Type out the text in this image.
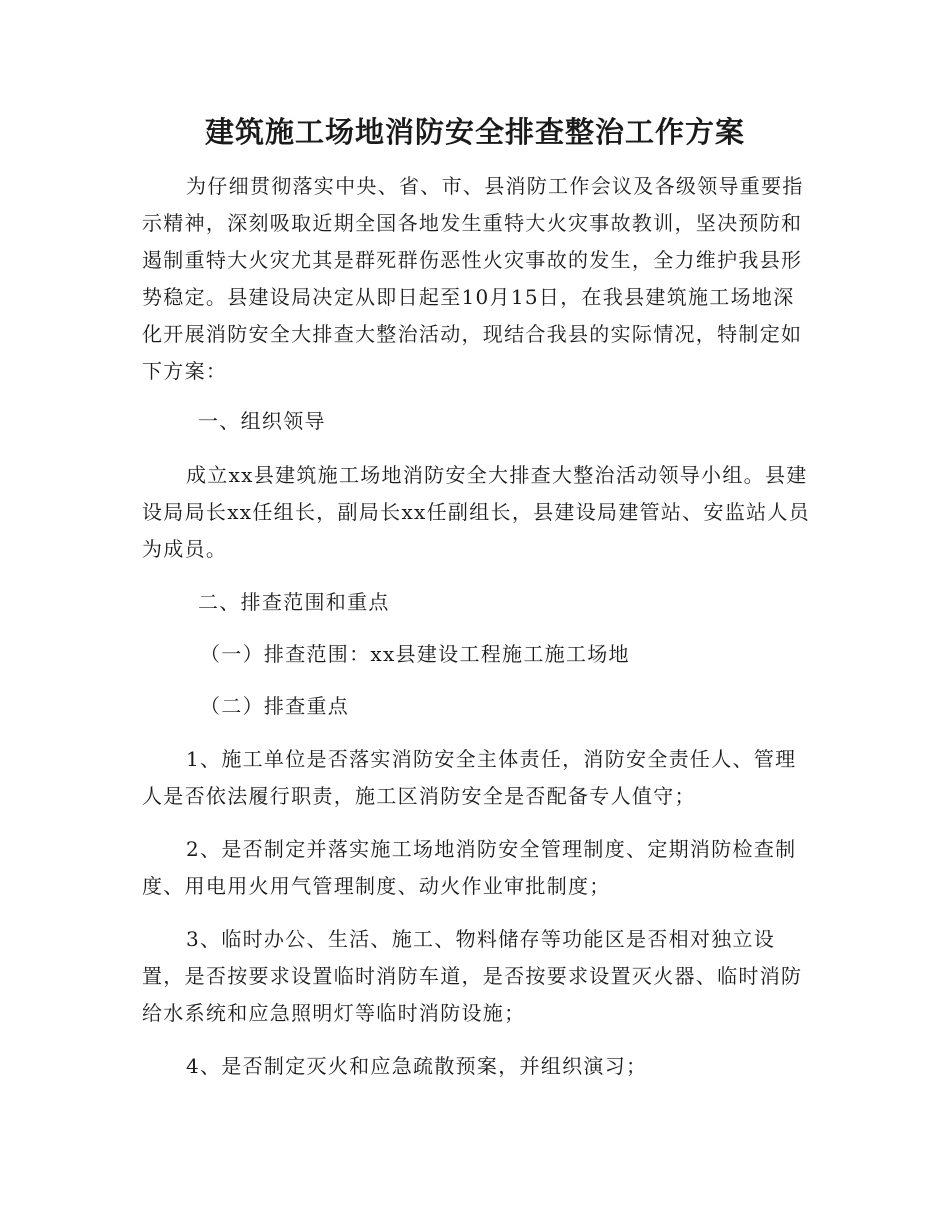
建筑施工场地消防安全排查整治工作方案

为仔细贯彻落实中央、省、市、县消防工作会议及各级领导重要指示精神，深刻吸取近期全国各地发生重特大火灾事故教训，坚决预防和遏制重特大火灾尤其是群死群伤恶性火灾事故的发生，全力维护我县形势稳定。县建设局决定从即日起至10月15日，在我县建筑施工场地深化开展消防安全大排查大整治活动，现结合我县的实际情况，特制定如下方案：

一、组织领导

成立xx县建筑施工场地消防安全大排查大整治活动领导小组。县建设局局长xx任组长，副局长xx任副组长，县建设局建管站、安监站人员为成员。

二、排查范围和重点

（一）排查范围：xx县建设工程施工施工场地

（二）排查重点

1、施工单位是否落实消防安全主体责任，消防安全责任人、管理人是否依法履行职责，施工区消防安全是否配备专人值守；

2、是否制定并落实施工场地消防安全管理制度、定期消防检查制度、用电用火用气管理制度、动火作业审批制度；

3、临时办公、生活、施工、物料储存等功能区是否相对独立设置，是否按要求设置临时消防车道，是否按要求设置灭火器、临时消防给水系统和应急照明灯等临时消防设施；

4、是否制定灭火和应急疏散预案，并组织演习；
